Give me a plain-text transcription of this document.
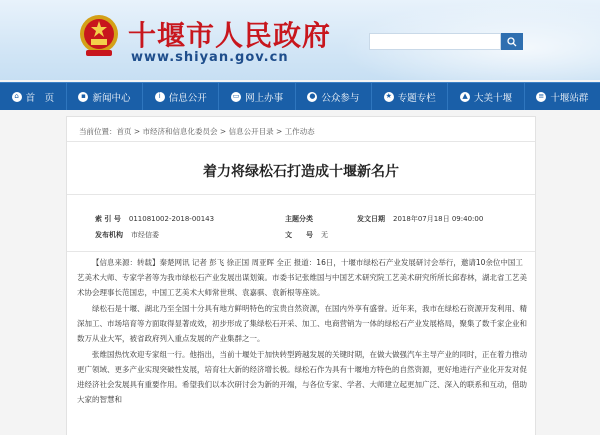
十堰市人民政府
www.shiyan.gov.cn
⌂ 首　页	▪ 新闻中心	i 信息公开	▭ 网上办事	● 公众参与	★ 专题专栏	▲ 大美十堰	≡ 十堰站群
当前位置：首页 > 市经济和信息化委员会 > 信息公开目录 > 工作动态
着力将绿松石打造成十堰新名片
索 引 号 011081002-2018-00143	主题分类	发文日期 2018年07月18日 09:40:00
发布机构 市经信委	文　　号 无

【信息来源：转载】秦楚网讯 记者 彭飞 徐正国 周亚晖 全正 报道：16日，十堰市绿松石产业发展研讨会举行，邀请10余位中国工艺美术大师、专家学者等为我市绿松石产业发展出谋划策。市委书记张维国与中国艺术研究院工艺美术研究所所长邱春林，湖北省工艺美术协会理事长范国忠，中国工艺美术大师常世琪、袁嘉骐、袁新根等座谈。

绿松石是十堰、湖北乃至全国十分具有地方鲜明特色的宝贵自然资源，在国内外享有盛誉。近年来，我市在绿松石资源开发利用、精深加工、市场培育等方面取得显著成效，初步形成了集绿松石开采、加工、电商营销为一体的绿松石产业发展格局，聚集了数千家企业和数万从业大军，被省政府列入重点发展的产业集群之一。

张维国热忱欢迎专家组一行。他指出，当前十堰处于加快转型跨越发展的关键时期，在做大做强汽车主导产业的同时，正在着力推动更广领域、更多产业实现突破性发展，培育壮大新的经济增长极。绿松石作为具有十堰地方特色的自然资源，更好地进行产业化开发对促进经济社会发展具有重要作用。希望我们以本次研讨会为新的开端，与各位专家、学者、大师建立起更加广泛、深入的联系和互动，借助大家的智慧和
